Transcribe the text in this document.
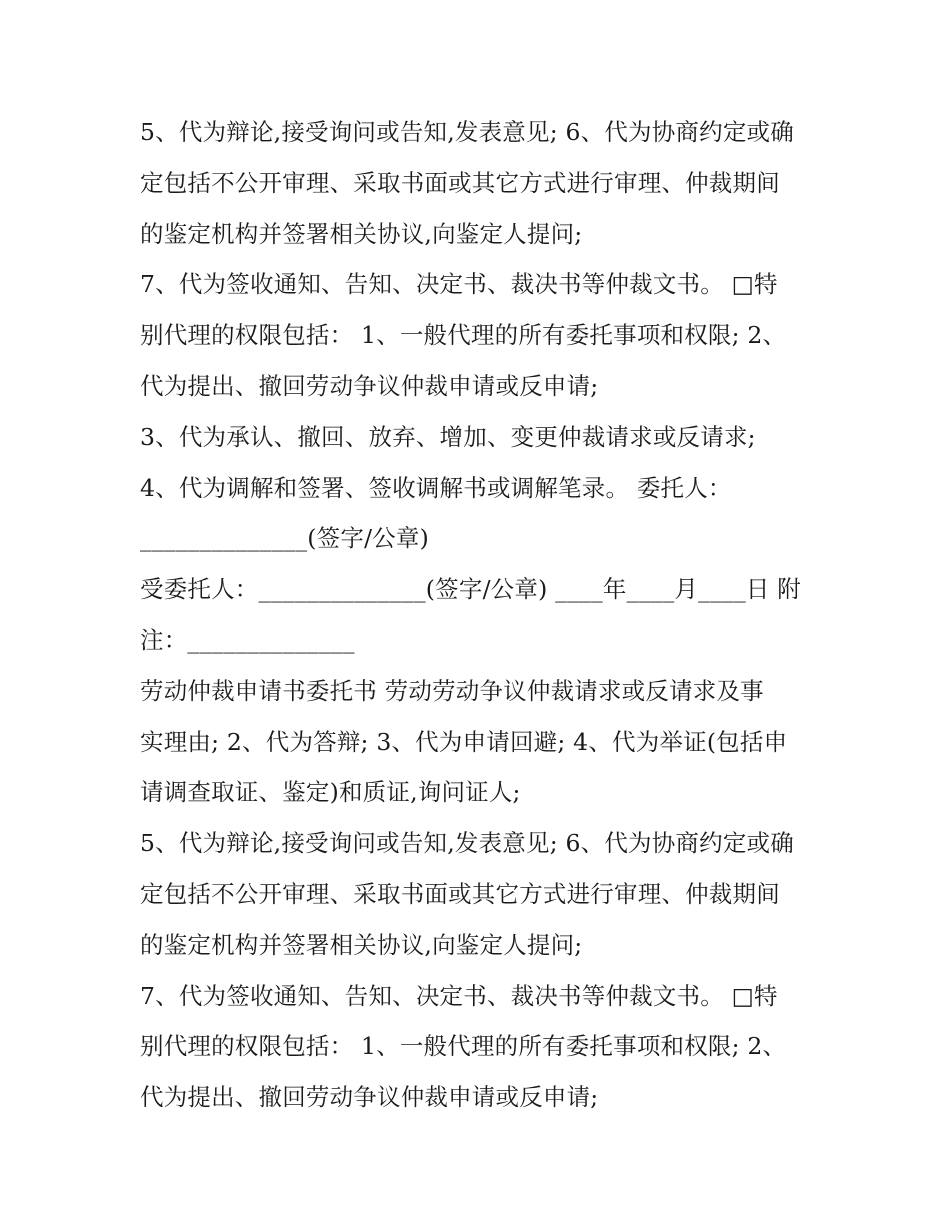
5、代为辩论,接受询问或告知,发表意见; 6、代为协商约定或确
定包括不公开审理、采取书面或其它方式进行审理、仲裁期间
的鉴定机构并签署相关协议,向鉴定人提问;
7、代为签收通知、告知、决定书、裁决书等仲裁文书。 □特
别代理的权限包括： 1、一般代理的所有委托事项和权限; 2、
代为提出、撤回劳动争议仲裁申请或反申请;
3、代为承认、撤回、放弃、增加、变更仲裁请求或反请求;
4、代为调解和签署、签收调解书或调解笔录。 委托人：
______________(签字/公章)
受委托人：______________(签字/公章) ____年____月____日 附
注：______________
劳动仲裁申请书委托书 劳动劳动争议仲裁请求或反请求及事
实理由; 2、代为答辩; 3、代为申请回避; 4、代为举证(包括申
请调查取证、鉴定)和质证,询问证人;
5、代为辩论,接受询问或告知,发表意见; 6、代为协商约定或确
定包括不公开审理、采取书面或其它方式进行审理、仲裁期间
的鉴定机构并签署相关协议,向鉴定人提问;
7、代为签收通知、告知、决定书、裁决书等仲裁文书。 □特
别代理的权限包括： 1、一般代理的所有委托事项和权限; 2、
代为提出、撤回劳动争议仲裁申请或反申请;
